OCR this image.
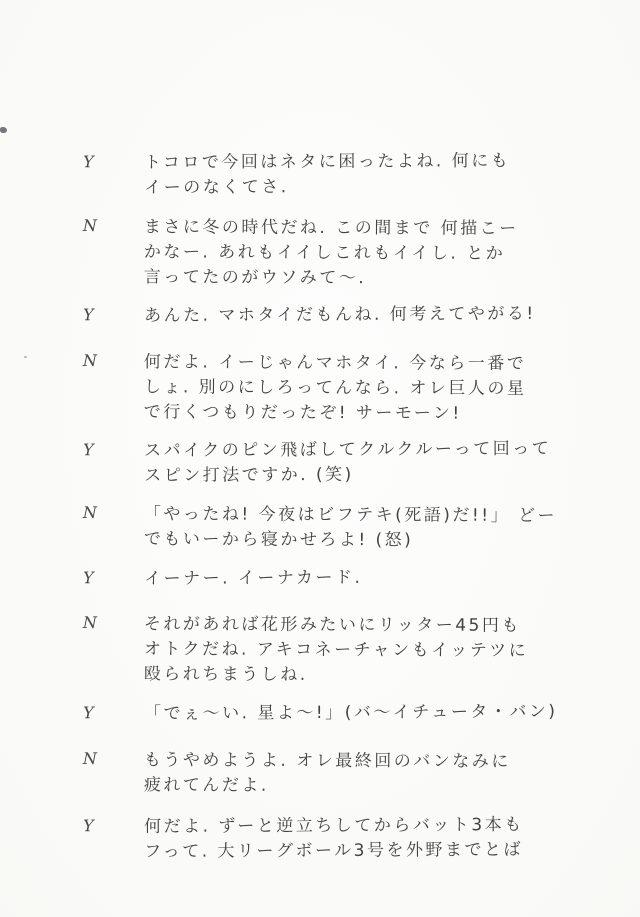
Y	トコロで今回はネタに困ったよね. 何にも
イーのなくてさ.
N	まさに冬の時代だね. この間まで 何描こー
かなー. あれもイイしこれもイイし. とか
言ってたのがウソみて～.
Y	あんた. マホタイだもんね. 何考えてやがる!
N	何だよ. イーじゃんマホタイ. 今なら一番で
しょ. 別のにしろってんなら. オレ巨人の星
で行くつもりだったぞ! サーモーン!
Y	スパイクのピン飛ばしてクルクルーって回って
スピン打法ですか. (笑)
N	「やったね! 今夜はビフテキ(死語)だ!!」 どー
でもいーから寝かせろよ! (怒)
Y	イーナー. イーナカード.
N	それがあれば花形みたいにリッター45円も
オトクだね. アキコネーチャンもイッテツに
殴られちまうしね.
Y	「でぇ～い. 星よ～!」(バ～イチュータ・バン)
N	もうやめようよ. オレ最終回のバンなみに
疲れてんだよ.
Y	何だよ. ずーと逆立ちしてからバット3本も
フって. 大リーグボール3号を外野までとば
